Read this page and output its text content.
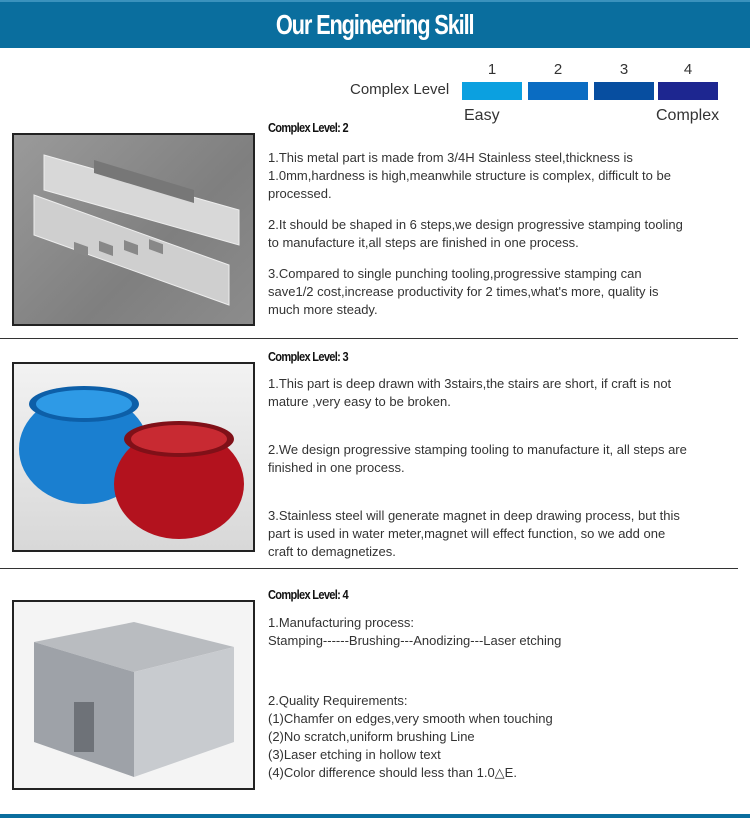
Our Engineering Skill
Complex Level
1	2	3	4
Easy	Complex
Complex Level: 2

1.This metal part is made from 3/4H Stainless steel,thickness is 1.0mm,hardness is high,meanwhile structure is complex, difficult to be processed.

2.It should be shaped in 6 steps,we design progressive stamping tooling to manufacture it,all steps are finished in one process.

3.Compared to single punching tooling,progressive stamping can save1/2 cost,increase productivity for 2 times,what's more, quality is much more steady.

Complex Level: 3

1.This part is deep drawn with 3stairs,the stairs are short, if craft is not mature ,very easy to be broken.

2.We design progressive stamping tooling to manufacture it, all steps are finished in one process.

3.Stainless steel will generate magnet in deep drawing process, but this part is used in water meter,magnet will effect function, so we add one craft to demagnetizes.

Complex Level: 4
1.Manufacturing process:
Stamping------Brushing---Anodizing---Laser etching
2.Quality Requirements:
(1)Chamfer on edges,very smooth when touching
(2)No scratch,uniform brushing Line
(3)Laser etching in hollow text
(4)Color difference should less than 1.0△E.
